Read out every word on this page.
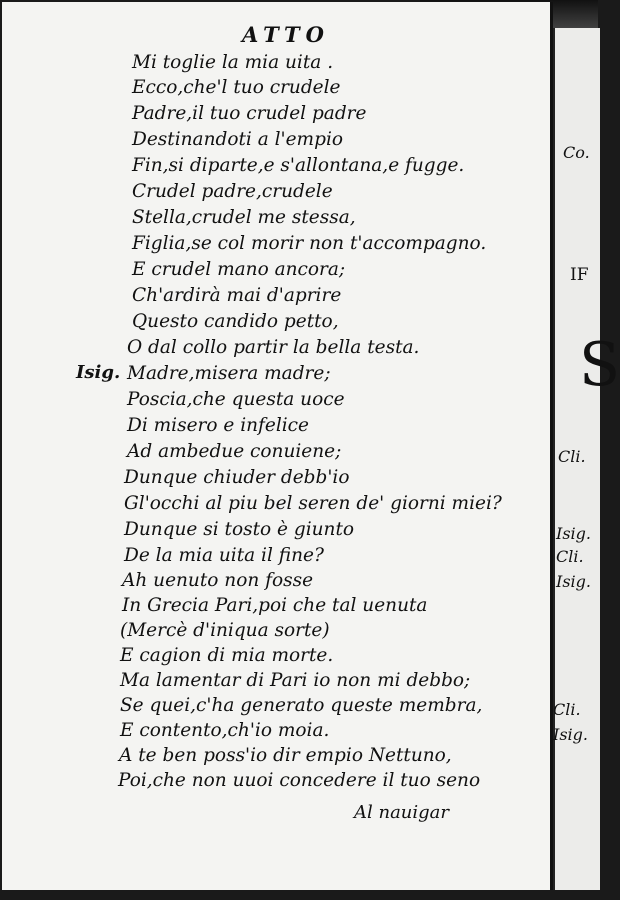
ATTO
Mi toglie la mia uita .
Ecco,che'l tuo crudele
Padre,il tuo crudel padre
Destinandoti a l'empio
Fin,si diparte,e s'allontana,e fugge.
Crudel padre,crudele
Stella,crudel me stessa,
Figlia,se col morir non t'accompagno.
E crudel mano ancora;
Ch'ardirà mai d'aprire
Questo candido petto,
O dal collo partir la bella testa.
Isig. Madre,misera madre;
Poscia,che questa uoce
Di misero e infelice
Ad ambedue conuiene;
Dunque chiuder debb'io
Gl'occhi al piu bel seren de' giorni miei?
Dunque si tosto è giunto
De la mia uita il fine?
Ah uenuto non fosse
In Grecia Pari,poi che tal uenuta
(Mercè d'iniqua sorte)
E cagion di mia morte.
Ma lamentar di Pari io non mi debbo;
Se quei,c'ha generato queste membra,
E contento,ch'io moia.
A te ben poss'io dir empio Nettuno,
Poi,che non uuoi concedere il tuo seno
Al nauigar
Co.
IF
S
Cli.
Isig.
Cli.
Isig.
Cli.
Isig.
